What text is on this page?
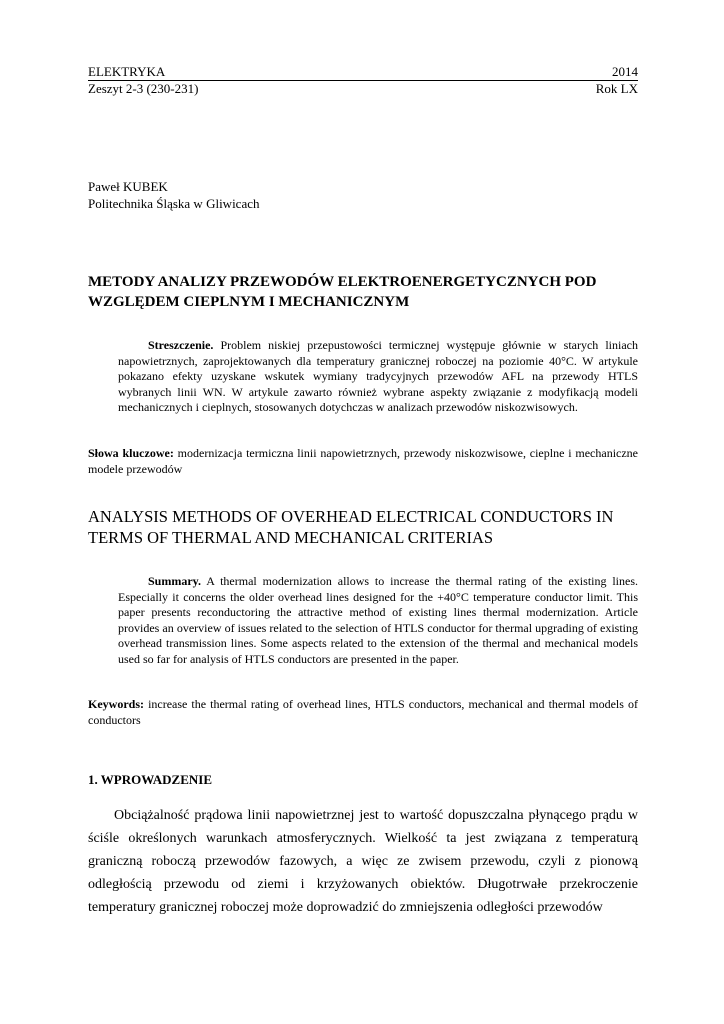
ELEKTRYKA	2014
Zeszyt 2-3 (230-231)	Rok LX
Paweł KUBEK
Politechnika Śląska w Gliwicach
METODY ANALIZY PRZEWODÓW ELEKTROENERGETYCZNYCH POD WZGLĘDEM CIEPLNYM I MECHANICZNYM
Streszczenie. Problem niskiej przepustowości termicznej występuje głównie w starych liniach napowietrznych, zaprojektowanych dla temperatury granicznej roboczej na poziomie 40°C. W artykule pokazano efekty uzyskane wskutek wymiany tradycyjnych przewodów AFL na przewody HTLS wybranych linii WN. W artykule zawarto również wybrane aspekty związanie z modyfikacją modeli mechanicznych i cieplnych, stosowanych dotychczas w analizach przewodów niskozwisowych.
Słowa kluczowe: modernizacja termiczna linii napowietrznych, przewody niskozwisowe, cieplne i mechaniczne modele przewodów
ANALYSIS METHODS OF OVERHEAD ELECTRICAL CONDUCTORS IN TERMS OF THERMAL AND MECHANICAL CRITERIAS
Summary. A thermal modernization allows to increase the thermal rating of the existing lines. Especially it concerns the older overhead lines designed for the +40°C temperature conductor limit. This paper presents reconductoring the attractive method of existing lines thermal modernization. Article provides an overview of issues related to the selection of HTLS conductor for thermal upgrading of existing overhead transmission lines. Some aspects related to the extension of the thermal and mechanical models used so far for analysis of HTLS conductors are presented in the paper.
Keywords: increase the thermal rating of overhead lines, HTLS conductors, mechanical and thermal models of conductors
1. WPROWADZENIE

Obciążalność prądowa linii napowietrznej jest to wartość dopuszczalna płynącego prądu w ściśle określonych warunkach atmosferycznych. Wielkość ta jest związana z temperaturą graniczną roboczą przewodów fazowych, a więc ze zwisem przewodu, czyli z pionową odległością przewodu od ziemi i krzyżowanych obiektów. Długotrwałe przekroczenie temperatury granicznej roboczej może doprowadzić do zmniejszenia odległości przewodów
